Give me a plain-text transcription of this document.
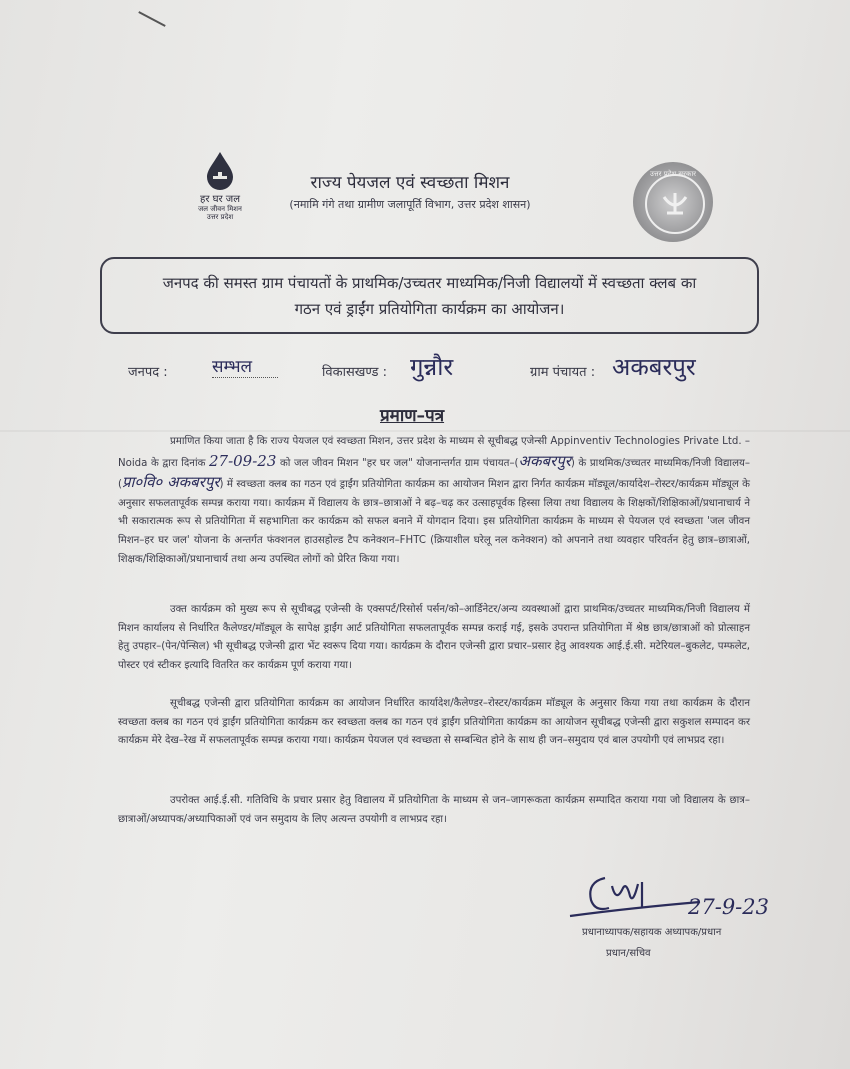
हर घर जल
जल जीवन मिशन
उत्तर प्रदेश
राज्य पेयजल एवं स्वच्छता मिशन
(नमामि गंगे तथा ग्रामीण जलापूर्ति विभाग, उत्तर प्रदेश शासन)
उत्तर प्रदेश सरकार
जनपद की समस्त ग्राम पंचायतों के प्राथमिक/उच्चतर माध्यमिक/निजी विद्यालयों में स्वच्छता क्लब का
गठन एवं ड्राईंग प्रतियोगिता कार्यक्रम का आयोजन।
जनपद :	सम्भल	विकासखण्ड : गुन्नौर	ग्राम पंचायत : अकबरपुर
प्रमाण–पत्र
प्रमाणित किया जाता है कि राज्य पेयजल एवं स्वच्छता मिशन, उत्तर प्रदेश के माध्यम से सूचीबद्ध एजेन्सी Appinventiv Technologies Private Ltd. – Noida के द्वारा दिनांक 27-09-23 को जल जीवन मिशन "हर घर जल" योजनान्तर्गत ग्राम पंचायत–(अकबरपुर) के प्राथमिक/उच्चतर माध्यमिक/निजी विद्यालय–(प्रा०वि० अकबरपुर) में स्वच्छता क्लब का गठन एवं ड्राईंग प्रतियोगिता कार्यक्रम का आयोजन मिशन द्वारा निर्गत कार्यक्रम मॉड्यूल/कार्यादेश–रोस्टर/कार्यक्रम मॉड्यूल के अनुसार सफलतापूर्वक सम्पन्न कराया गया। कार्यक्रम में विद्यालय के छात्र–छात्राओं ने बढ़–चढ़ कर उत्साहपूर्वक हिस्सा लिया तथा विद्यालय के शिक्षकों/शिक्षिकाओं/प्रधानाचार्य ने भी सकारात्मक रूप से प्रतियोगिता में सहभागिता कर कार्यक्रम को सफल बनाने में योगदान दिया। इस प्रतियोगिता कार्यक्रम के माध्यम से पेयजल एवं स्वच्छता 'जल जीवन मिशन–हर घर जल' योजना के अन्तर्गत फंक्शनल हाउसहोल्ड टैप कनेक्शन–FHTC (क्रियाशील घरेलू नल कनेक्शन) को अपनाने तथा व्यवहार परिवर्तन हेतु छात्र–छात्राओं, शिक्षक/शिक्षिकाओं/प्रधानाचार्य तथा अन्य उपस्थित लोगों को प्रेरित किया गया।
उक्त कार्यक्रम को मुख्य रूप से सूचीबद्ध एजेन्सी के एक्सपर्ट/रिसोर्स पर्सन/को–आर्डिनेटर/अन्य व्यवस्थाओं द्वारा प्राथमिक/उच्चतर माध्यमिक/निजी विद्यालय में मिशन कार्यालय से निर्धारित कैलेण्डर/मॉड्यूल के सापेक्ष ड्राईंग आर्ट प्रतियोगिता सफलतापूर्वक सम्पन्न कराई गई, इसके उपरान्त प्रतियोगिता में श्रेष्ठ छात्र/छात्राओं को प्रोत्साहन हेतु उपहार–(पेन/पेन्सिल) भी सूचीबद्ध एजेन्सी द्वारा भेंट स्वरूप दिया गया। कार्यक्रम के दौरान एजेन्सी द्वारा प्रचार–प्रसार हेतु आवश्यक आई.ई.सी. मटेरियल–बुकलेट, पम्फलेट, पोस्टर एवं स्टीकर इत्यादि वितरित कर कार्यक्रम पूर्ण कराया गया।
सूचीबद्ध एजेन्सी द्वारा प्रतियोगिता कार्यक्रम का आयोजन निर्धारित कार्यादेश/कैलेण्डर–रोस्टर/कार्यक्रम मॉड्यूल के अनुसार किया गया तथा कार्यक्रम के दौरान स्वच्छता क्लब का गठन एवं ड्राईंग प्रतियोगिता कार्यक्रम कर स्वच्छता क्लब का गठन एवं ड्राईंग प्रतियोगिता कार्यक्रम का आयोजन सूचीबद्ध एजेन्सी द्वारा सकुशल सम्पादन कर कार्यक्रम मेरे देख–रेख में सफलतापूर्वक सम्पन्न कराया गया। कार्यक्रम पेयजल एवं स्वच्छता से सम्बन्धित होने के साथ ही जन–समुदाय एवं बाल उपयोगी एवं लाभप्रद रहा।
उपरोक्त आई.ई.सी. गतिविधि के प्रचार प्रसार हेतु विद्यालय में प्रतियोगिता के माध्यम से जन–जागरूकता कार्यक्रम सम्पादित कराया गया जो विद्यालय के छात्र–छात्राओं/अध्यापक/अध्यापिकाओं एवं जन समुदाय के लिए अत्यन्त उपयोगी व लाभप्रद रहा।
27-9-23
प्रधानाध्यापक/सहायक अध्यापक/प्रधान
प्रधान/सचिव
